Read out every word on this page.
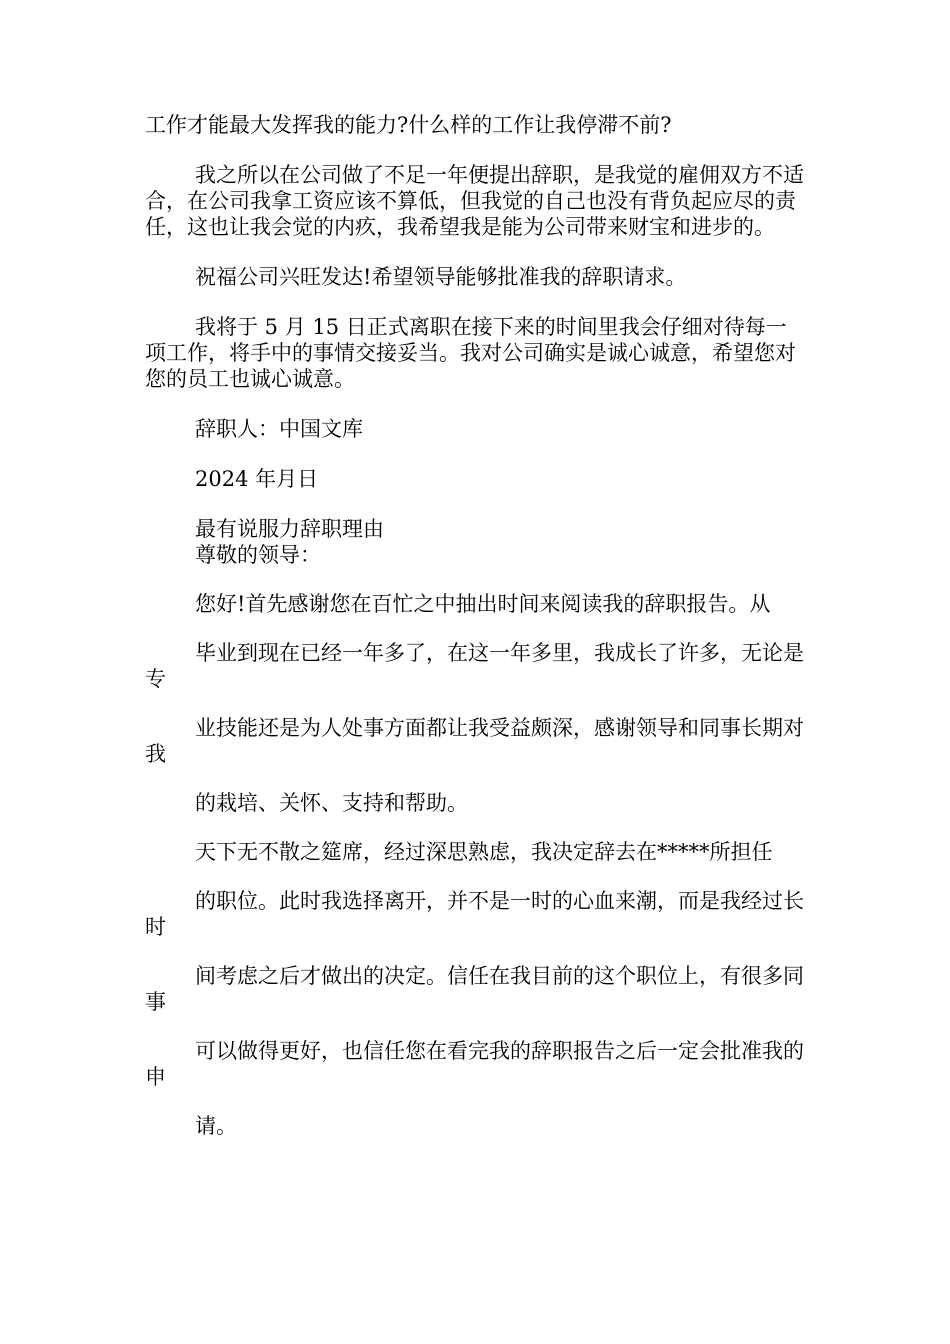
工作才能最大发挥我的能力?什么样的工作让我停滞不前?

我之所以在公司做了不足一年便提出辞职，是我觉的雇佣双方不适合，在公司我拿工资应该不算低，但我觉的自己也没有背负起应尽的责任，这也让我会觉的内疚，我希望我是能为公司带来财宝和进步的。

祝福公司兴旺发达!希望领导能够批准我的辞职请求。

我将于 5 月 15 日正式离职在接下来的时间里我会仔细对待每一项工作，将手中的事情交接妥当。我对公司确实是诚心诚意，希望您对您的员工也诚心诚意。

辞职人：中国文库

2024 年月日

最有说服力辞职理由

尊敬的领导：

您好!首先感谢您在百忙之中抽出时间来阅读我的辞职报告。从

毕业到现在已经一年多了，在这一年多里，我成长了许多，无论是专

业技能还是为人处事方面都让我受益颇深，感谢领导和同事长期对我

的栽培、关怀、支持和帮助。

天下无不散之筵席，经过深思熟虑，我决定辞去在*****所担任

的职位。此时我选择离开，并不是一时的心血来潮，而是我经过长时

间考虑之后才做出的决定。信任在我目前的这个职位上，有很多同事

可以做得更好，也信任您在看完我的辞职报告之后一定会批准我的申

请。
